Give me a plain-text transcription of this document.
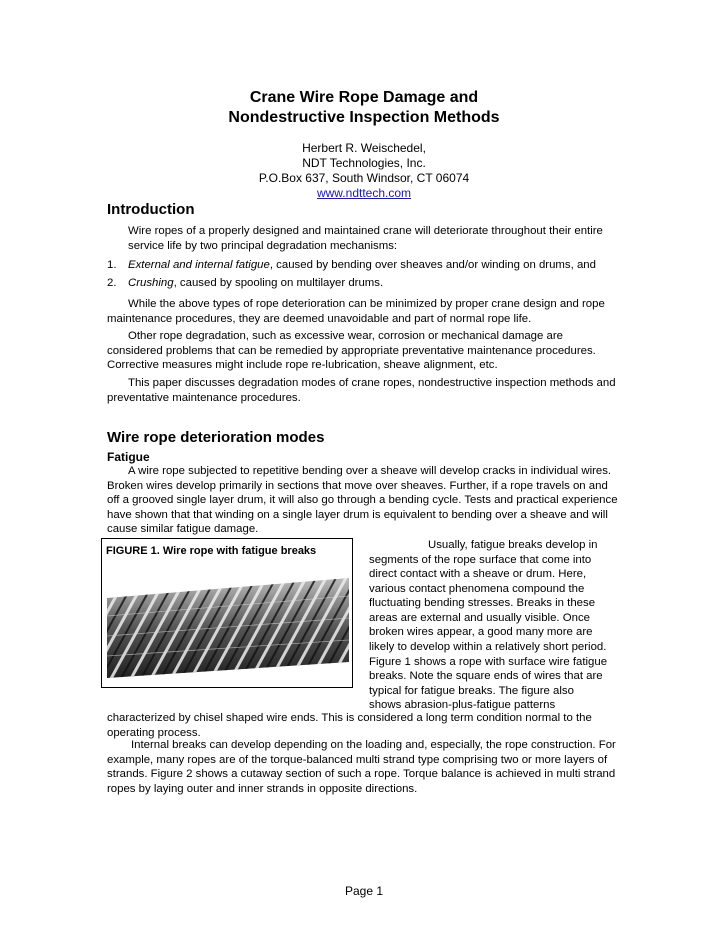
Crane Wire Rope Damage and
Nondestructive Inspection Methods
Herbert R. Weischedel,
NDT Technologies, Inc.
P.O.Box 637, South Windsor, CT 06074
www.ndttech.com
Introduction
Wire ropes of a properly designed and maintained crane will deteriorate throughout their entire service life by two principal degradation mechanisms:
1. External and internal fatigue, caused by bending over sheaves and/or winding on drums, and
2. Crushing, caused by spooling on multilayer drums.
While the above types of rope deterioration can be minimized by proper crane design and rope maintenance procedures, they are deemed unavoidable and part of normal rope life.
Other rope degradation, such as excessive wear, corrosion or mechanical damage are considered problems that can be remedied by appropriate preventative maintenance procedures. Corrective measures might include rope re-lubrication, sheave alignment, etc.
This paper discusses degradation modes of crane ropes, nondestructive inspection methods and preventative maintenance procedures.
Wire rope deterioration modes
Fatigue
A wire rope subjected to repetitive bending over a sheave will develop cracks in individual wires. Broken wires develop primarily in sections that move over sheaves. Further, if a rope travels on and off a grooved single layer drum, it will also go through a bending cycle. Tests and practical experience have shown that that winding on a single layer drum is equivalent to bending over a sheave and will cause similar fatigue damage.
FIGURE 1. Wire rope with fatigue breaks	Usually, fatigue breaks develop in
segments of the rope surface that come into
direct contact with a sheave or drum. Here,
various contact phenomena compound the
fluctuating bending stresses. Breaks in these
areas are external and usually visible. Once
broken wires appear, a good many more are
likely to develop within a relatively short period.
Figure 1 shows a rope with surface wire fatigue
breaks. Note the square ends of wires that are
typical for fatigue breaks. The figure also
shows abrasion-plus-fatigue patterns
characterized by chisel shaped wire ends. This is considered a long term condition normal to the operating process.
Internal breaks can develop depending on the loading and, especially, the rope construction. For example, many ropes are of the torque-balanced multi strand type comprising two or more layers of strands. Figure 2 shows a cutaway section of such a rope. Torque balance is achieved in multi strand ropes by laying outer and inner strands in opposite directions.
Page 1
